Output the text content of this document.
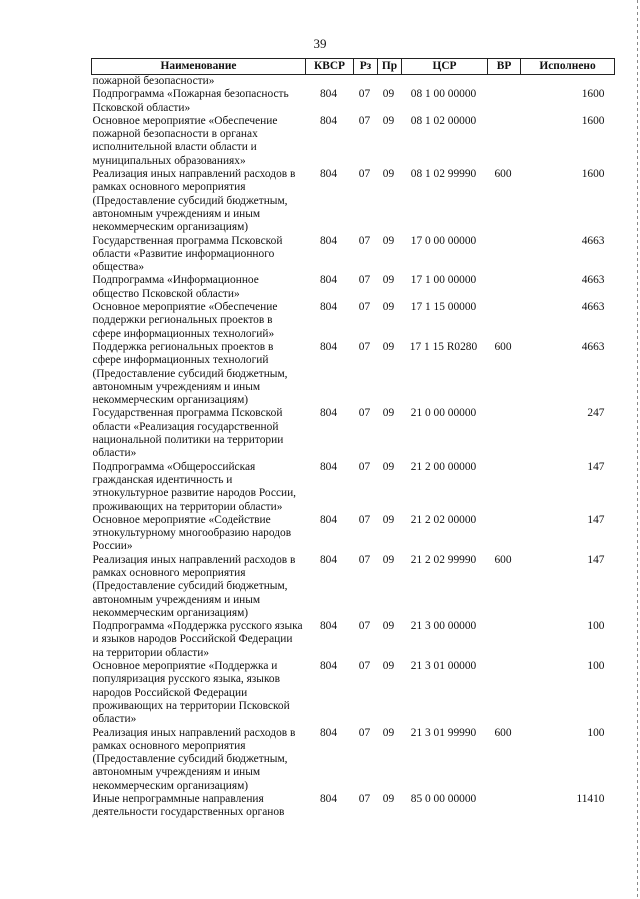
39
Наименование	КВСР	Рз	Пр	ЦСР	ВР	Исполнено
пожарной безопасности»						
Подпрограмма «Пожарная безопасность Псковской области»	804	07	09	08 1 00 00000		1600
Основное мероприятие «Обеспечение пожарной безопасности в органах исполнительной власти области и муниципальных образованиях»	804	07	09	08 1 02 00000		1600
Реализация иных направлений расходов в рамках основного мероприятия (Предоставление субсидий бюджетным, автономным учреждениям и иным некоммерческим организациям)	804	07	09	08 1 02 99990	600	1600
Государственная программа Псковской области «Развитие информационного общества»	804	07	09	17 0 00 00000		4663
Подпрограмма «Информационное общество Псковской области»	804	07	09	17 1 00 00000		4663
Основное мероприятие «Обеспечение поддержки региональных проектов в сфере информационных технологий»	804	07	09	17 1 15 00000		4663
Поддержка региональных проектов в сфере информационных технологий (Предоставление субсидий бюджетным, автономным учреждениям и иным некоммерческим организациям)	804	07	09	17 1 15 R0280	600	4663
Государственная программа Псковской области «Реализация государственной национальной политики на территории области»	804	07	09	21 0 00 00000		247
Подпрограмма «Общероссийская гражданская идентичность и этнокультурное развитие народов России, проживающих на территории области»	804	07	09	21 2 00 00000		147
Основное мероприятие «Содействие этнокультурному многообразию народов России»	804	07	09	21 2 02 00000		147
Реализация иных направлений расходов в рамках основного мероприятия (Предоставление субсидий бюджетным, автономным учреждениям и иным некоммерческим организациям)	804	07	09	21 2 02 99990	600	147
Подпрограмма «Поддержка русского языка и языков народов Российской Федерации на территории области»	804	07	09	21 3 00 00000		100
Основное мероприятие «Поддержка и популяризация русского языка, языков народов Российской Федерации проживающих на территории Псковской области»	804	07	09	21 3 01 00000		100
Реализация иных направлений расходов в рамках основного мероприятия (Предоставление субсидий бюджетным, автономным учреждениям и иным некоммерческим организациям)	804	07	09	21 3 01 99990	600	100
Иные непрограммные направления деятельности государственных органов	804	07	09	85 0 00 00000		11410
